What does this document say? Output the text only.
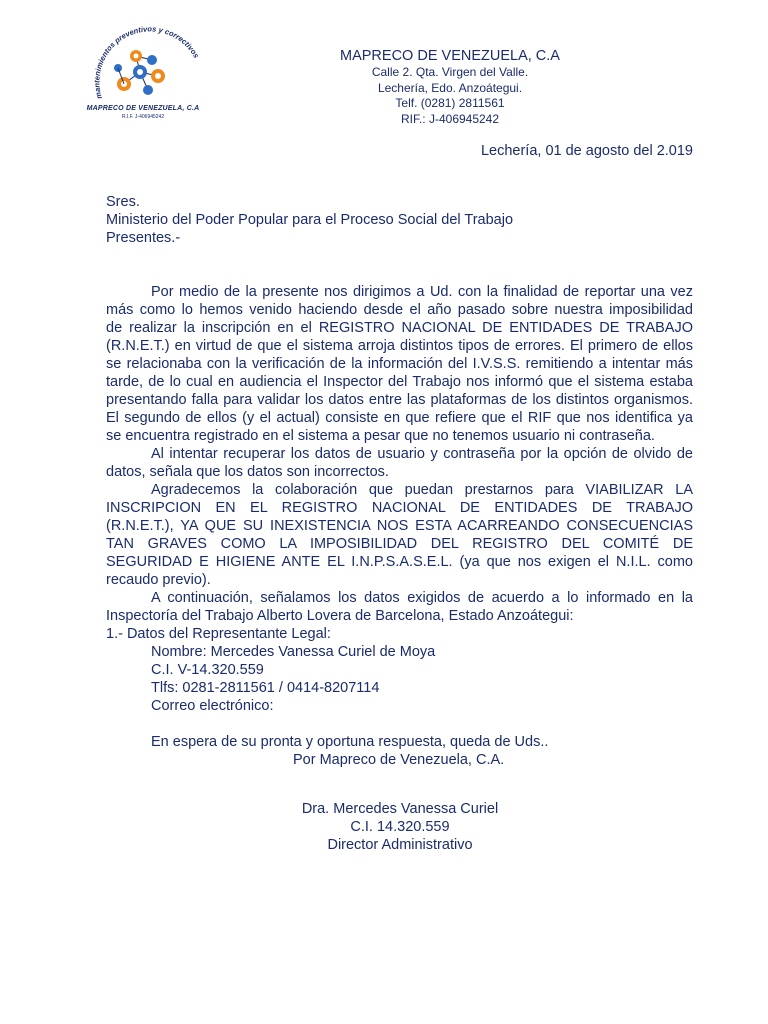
mantenimientos preventivos y correctivos
MAPRECO DE VENEZUELA, C.A
R.I.F. J-406945242
MAPRECO DE VENEZUELA, C.A
Calle 2. Qta. Virgen del Valle.
Lechería, Edo. Anzoátegui.
Telf. (0281) 2811561
RIF.: J-406945242
Lechería, 01 de agosto del 2.019
Sres.
Ministerio del Poder Popular para el Proceso Social del Trabajo
Presentes.-
Por medio de la presente nos dirigimos a Ud. con la finalidad de reportar una vez
más como lo hemos venido haciendo desde el año pasado sobre nuestra imposibilidad
de realizar la inscripción en el REGISTRO NACIONAL DE ENTIDADES DE TRABAJO
(R.N.E.T.) en virtud de que el sistema arroja distintos tipos de errores. El primero de ellos
se relacionaba con la verificación de la información del I.V.S.S. remitiendo a intentar más
tarde, de lo cual en audiencia el Inspector del Trabajo nos informó que el sistema estaba
presentando falla para validar los datos entre las plataformas de los distintos organismos.
El segundo de ellos (y el actual) consiste en que refiere que el RIF que nos identifica ya
se encuentra registrado en el sistema a pesar que no tenemos usuario ni contraseña.
Al intentar recuperar los datos de usuario y contraseña por la opción de olvido de
datos, señala que los datos son incorrectos.
Agradecemos la colaboración que puedan prestarnos para VIABILIZAR LA
INSCRIPCION EN EL REGISTRO NACIONAL DE ENTIDADES DE TRABAJO
(R.N.E.T.), YA QUE SU INEXISTENCIA NOS ESTA ACARREANDO CONSECUENCIAS
TAN GRAVES COMO LA IMPOSIBILIDAD DEL REGISTRO DEL COMITÉ DE
SEGURIDAD E HIGIENE ANTE EL I.N.P.S.A.S.E.L. (ya que nos exigen el N.I.L. como
recaudo previo).
A continuación, señalamos los datos exigidos de acuerdo a lo informado en la
Inspectoría del Trabajo Alberto Lovera de Barcelona, Estado Anzoátegui:
1.- Datos del Representante Legal:
Nombre: Mercedes Vanessa Curiel de Moya
C.I. V-14.320.559
Tlfs: 0281-2811561 / 0414-8207114
Correo electrónico:
En espera de su pronta y oportuna respuesta, queda de Uds..
Por Mapreco de Venezuela, C.A.
Dra. Mercedes Vanessa Curiel
C.I. 14.320.559
Director Administrativo
